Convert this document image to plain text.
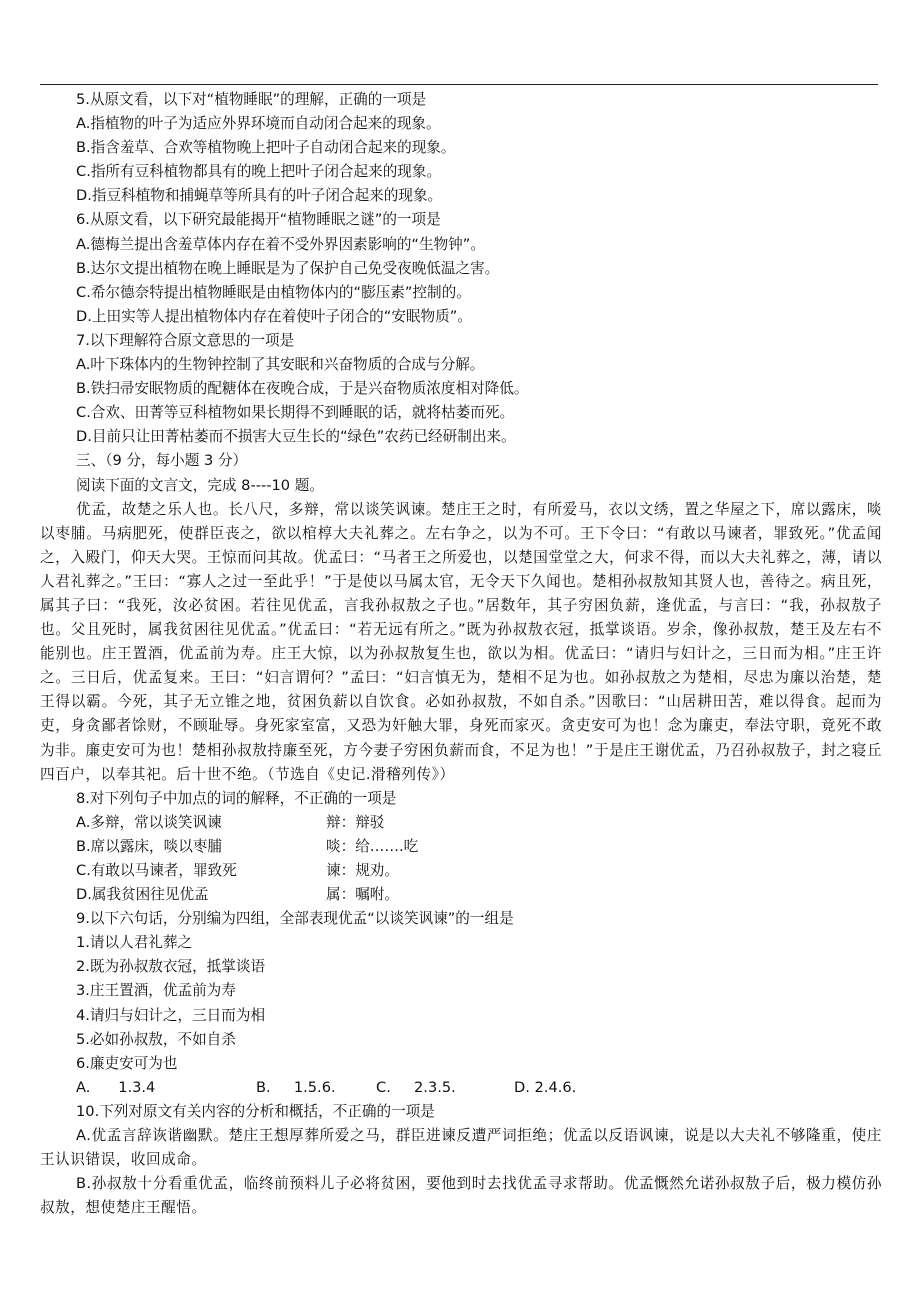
5.从原文看，以下对“植物睡眠”的理解，正确的一项是
A.指植物的叶子为适应外界环境而自动闭合起来的现象。
B.指含羞草、合欢等植物晚上把叶子自动闭合起来的现象。
C.指所有豆科植物都具有的晚上把叶子闭合起来的现象。
D.指豆科植物和捕蝇草等所具有的叶子闭合起来的现象。
6.从原文看，以下研究最能揭开“植物睡眠之谜”的一项是
A.德梅兰提出含羞草体内存在着不受外界因素影响的“生物钟”。
B.达尔文提出植物在晚上睡眠是为了保护自己免受夜晚低温之害。
C.希尔德奈特提出植物睡眠是由植物体内的“膨压素”控制的。
D.上田实等人提出植物体内存在着使叶子闭合的“安眠物质”。
7.以下理解符合原文意思的一项是
A.叶下珠体内的生物钟控制了其安眠和兴奋物质的合成与分解。
B.铁扫帚安眠物质的配糖体在夜晚合成，于是兴奋物质浓度相对降低。
C.合欢、田菁等豆科植物如果长期得不到睡眠的话，就将枯萎而死。
D.目前只让田菁枯萎而不损害大豆生长的“绿色”农药已经研制出来。
三、（9 分，每小题 3 分）
阅读下面的文言文，完成 8----10 题。
优孟，故楚之乐人也。长八尺，多辩，常以谈笑讽谏。楚庄王之时，有所爱马，衣以文绣，置之华屋之下，席以露床，啖以枣脯。马病肥死，使群臣丧之，欲以棺椁大夫礼葬之。左右争之，以为不可。王下令曰：“有敢以马谏者，罪致死。”优孟闻之，入殿门，仰天大哭。王惊而问其故。优孟曰：“马者王之所爱也，以楚国堂堂之大，何求不得，而以大夫礼葬之，薄，请以人君礼葬之。”王曰：“寡人之过一至此乎！”于是使以马属太官，无令天下久闻也。楚相孙叔敖知其贤人也，善待之。病且死，属其子曰：“我死，汝必贫困。若往见优孟，言我孙叔敖之子也。”居数年，其子穷困负薪，逢优孟，与言曰：“我，孙叔敖子也。父且死时，属我贫困往见优孟。”优孟曰：“若无远有所之。”既为孙叔敖衣冠，抵掌谈语。岁余，像孙叔敖，楚王及左右不能别也。庄王置酒，优孟前为寿。庄王大惊，以为孙叔敖复生也，欲以为相。优孟曰：“请归与妇计之，三日而为相。”庄王许之。三日后，优孟复来。王曰：“妇言谓何？”孟曰：“妇言慎无为，楚相不足为也。如孙叔敖之为楚相，尽忠为廉以治楚，楚王得以霸。今死，其子无立锥之地，贫困负薪以自饮食。必如孙叔敖，不如自杀。”因歌曰：“山居耕田苦，难以得食。起而为吏，身贪鄙者馀财，不顾耻辱。身死家室富，又恐为奸触大罪，身死而家灭。贪吏安可为也！念为廉吏，奉法守职，竟死不敢为非。廉吏安可为也！楚相孙叔敖持廉至死，方今妻子穷困负薪而食，不足为也！”于是庄王谢优孟，乃召孙叔敖子，封之寝丘四百户，以奉其祀。后十世不绝。（节选自《史记.滑稽列传》）
8.对下列句子中加点的词的解释，不正确的一项是
A.多辩，常以谈笑讽谏	辩：辩驳
B.席以露床，啖以枣脯	啖：给…….吃
C.有敢以马谏者，罪致死	谏：规劝。
D.属我贫困往见优孟	属：嘱咐。
9.以下六句话，分别编为四组，全部表现优孟“以谈笑讽谏”的一组是
1.请以人君礼葬之
2.既为孙叔敖衣冠，抵掌谈语
3.庄王置酒，优孟前为寿
4.请归与妇计之，三日而为相
5.必如孙叔敖，不如自杀
6.廉吏安可为也
A.      1.3.4	B.     1.5.6.	C.     2.3.5.	D. 2.4.6.
10.下列对原文有关内容的分析和概括，不正确的一项是
A.优孟言辞诙谐幽默。楚庄王想厚葬所爱之马，群臣进谏反遭严词拒绝；优孟以反语讽谏，说是以大夫礼不够隆重，使庄王认识错误，收回成命。
B.孙叔敖十分看重优孟，临终前预料儿子必将贫困，要他到时去找优孟寻求帮助。优孟慨然允诺孙叔敖子后，极力模仿孙叔敖，想使楚庄王醒悟。
